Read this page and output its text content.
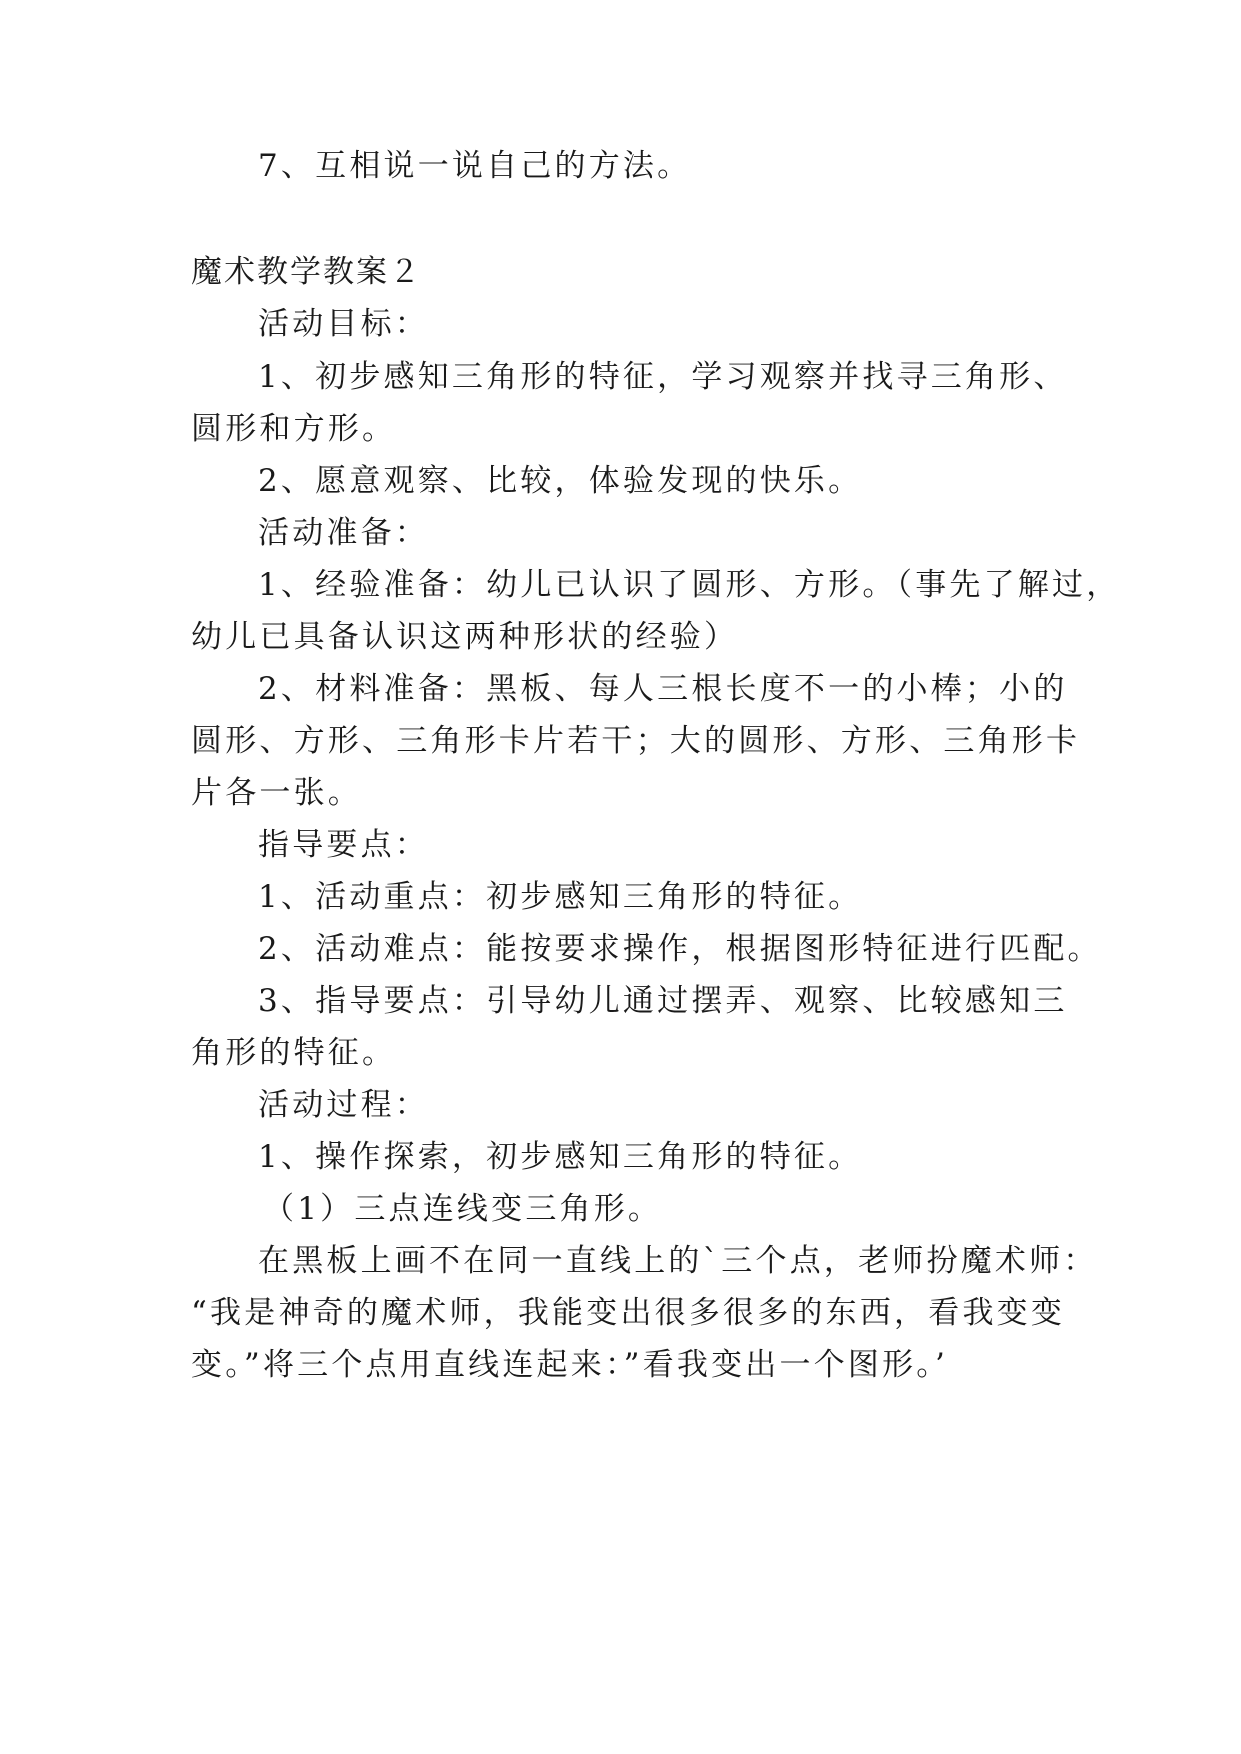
7、互相说一说自己的方法。
魔术教学教案２
活动目标：
1、初步感知三角形的特征，学习观察并找寻三角形、
圆形和方形。
2、愿意观察、比较，体验发现的快乐。
活动准备：
1、经验准备：幼儿已认识了圆形、方形。（事先了解过，
幼儿已具备认识这两种形状的经验）
2、材料准备：黑板、每人三根长度不一的小棒；小的
圆形、方形、三角形卡片若干；大的圆形、方形、三角形卡
片各一张。
指导要点：
1、活动重点：初步感知三角形的特征。
2、活动难点：能按要求操作，根据图形特征进行匹配。
3、指导要点：引导幼儿通过摆弄、观察、比较感知三
角形的特征。
活动过程：
1、操作探索，初步感知三角形的特征。
（1）三点连线变三角形。
在黑板上画不在同一直线上的`三个点，老师扮魔术师：
“我是神奇的魔术师，我能变出很多很多的东西，看我变变
变。”将三个点用直线连起来：”看我变出一个图形。’
